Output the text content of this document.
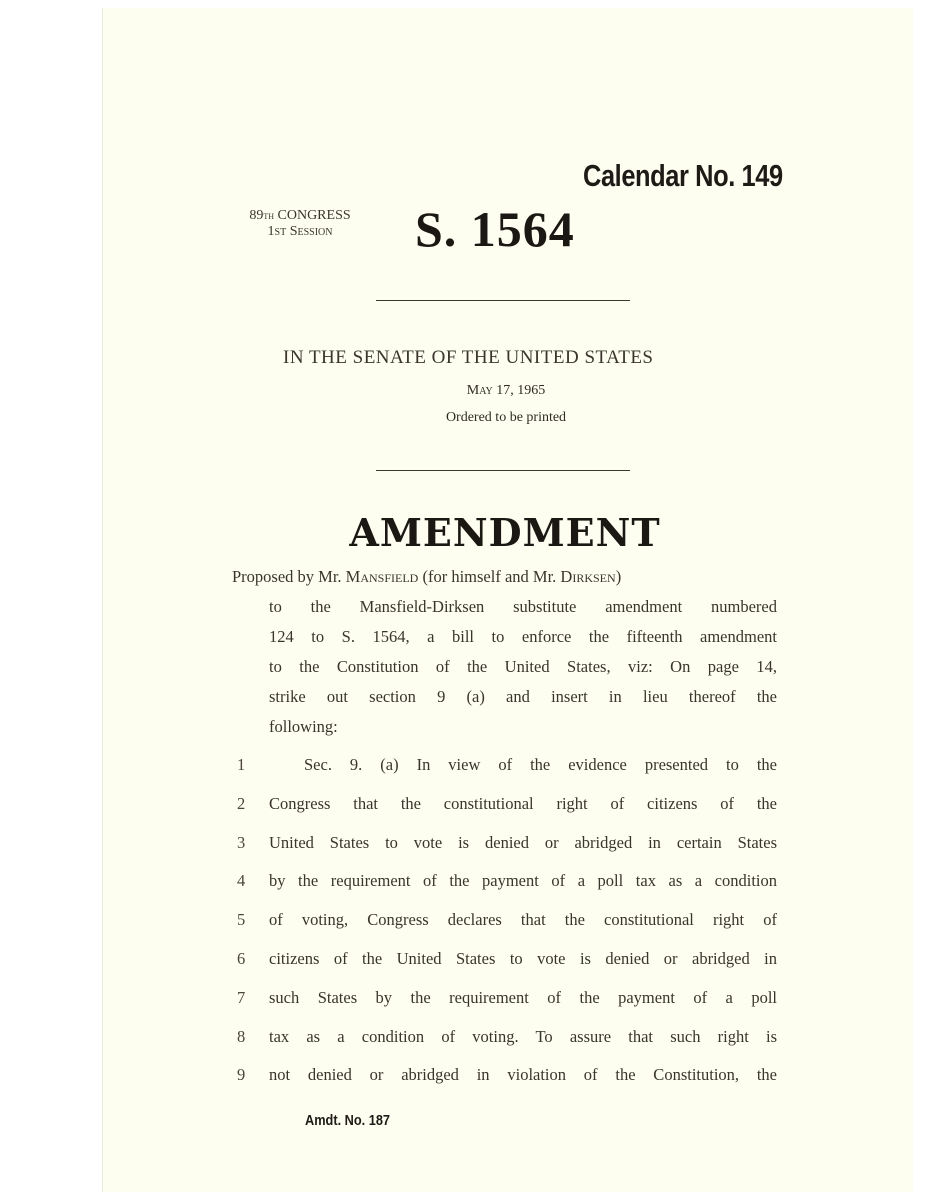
Calendar No. 149
89th CONGRESS
1st Session	S. 1564
IN THE SENATE OF THE UNITED STATES
May 17, 1965
Ordered to be printed
AMENDMENT
Proposed by Mr. Mansfield (for himself and Mr. Dirksen)
to the Mansfield-Dirksen substitute amendment numbered
124 to S. 1564, a bill to enforce the fifteenth amendment
to the Constitution of the United States, viz: On page 14,
strike out section 9 (a) and insert in lieu thereof the
following:
1	Sec. 9. (a) In view of the evidence presented to the
2	Congress that the constitutional right of citizens of the
3	United States to vote is denied or abridged in certain States
4	by the requirement of the payment of a poll tax as a condition
5	of voting, Congress declares that the constitutional right of
6	citizens of the United States to vote is denied or abridged in
7	such States by the requirement of the payment of a poll
8	tax as a condition of voting. To assure that such right is
9	not denied or abridged in violation of the Constitution, the
Amdt. No. 187
